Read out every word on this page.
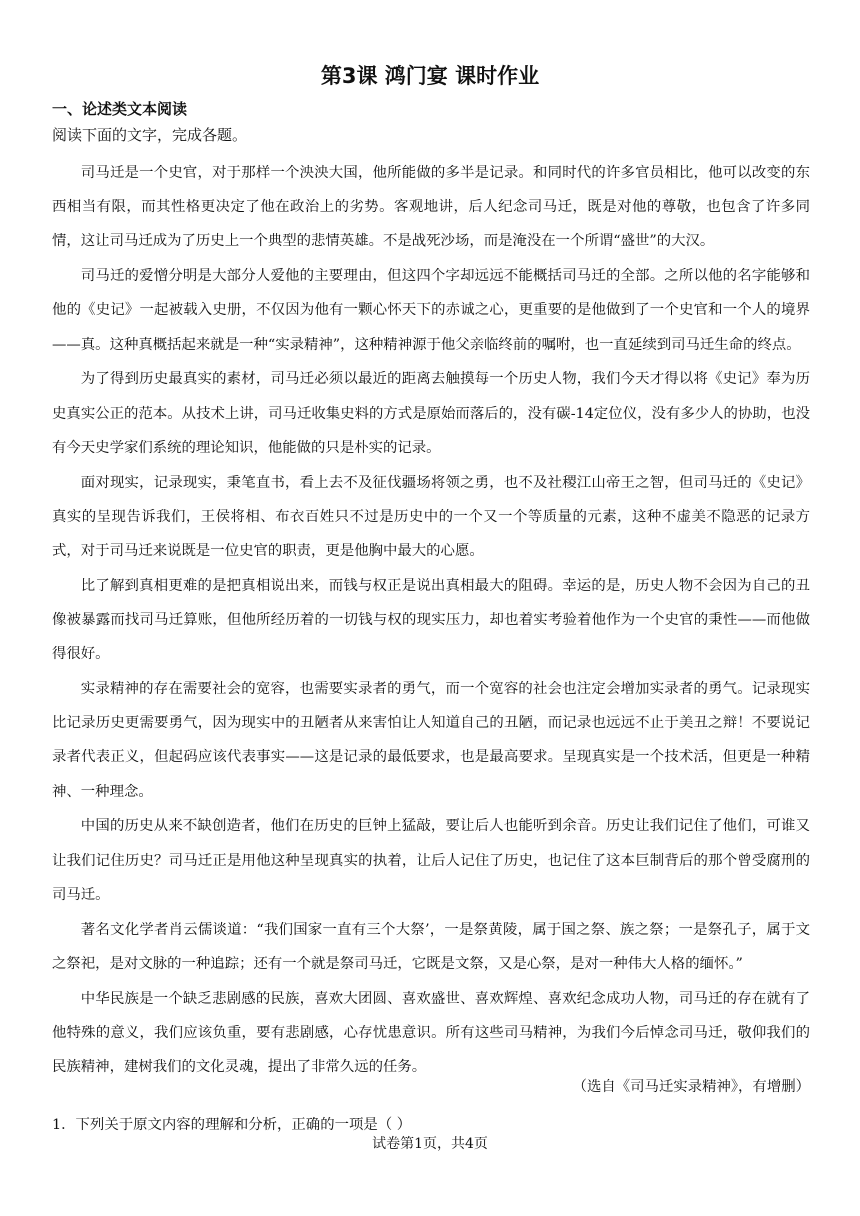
第3课 鸿门宴 课时作业
一、论述类文本阅读
阅读下面的文字，完成各题。

司马迁是一个史官，对于那样一个泱泱大国，他所能做的多半是记录。和同时代的许多官员相比，他可以改变的东西相当有限，而其性格更决定了他在政治上的劣势。客观地讲，后人纪念司马迁，既是对他的尊敬，也包含了许多同情，这让司马迁成为了历史上一个典型的悲情英雄。不是战死沙场，而是淹没在一个所谓“盛世”的大汉。

司马迁的爱憎分明是大部分人爱他的主要理由，但这四个字却远远不能概括司马迁的全部。之所以他的名字能够和他的《史记》一起被载入史册，不仅因为他有一颗心怀天下的赤诚之心，更重要的是他做到了一个史官和一个人的境界——真。这种真概括起来就是一种“实录精神”，这种精神源于他父亲临终前的嘱咐，也一直延续到司马迁生命的终点。

为了得到历史最真实的素材，司马迁必须以最近的距离去触摸每一个历史人物，我们今天才得以将《史记》奉为历史真实公正的范本。从技术上讲，司马迁收集史料的方式是原始而落后的，没有碳-14定位仪，没有多少人的协助，也没有今天史学家们系统的理论知识，他能做的只是朴实的记录。

面对现实，记录现实，秉笔直书，看上去不及征伐疆场将领之勇，也不及社稷江山帝王之智，但司马迁的《史记》真实的呈现告诉我们，王侯将相、布衣百姓只不过是历史中的一个又一个等质量的元素，这种不虚美不隐恶的记录方式，对于司马迁来说既是一位史官的职责，更是他胸中最大的心愿。

比了解到真相更难的是把真相说出来，而钱与权正是说出真相最大的阻碍。幸运的是，历史人物不会因为自己的丑像被暴露而找司马迁算账，但他所经历着的一切钱与权的现实压力，却也着实考验着他作为一个史官的秉性——而他做得很好。

实录精神的存在需要社会的宽容，也需要实录者的勇气，而一个宽容的社会也注定会增加实录者的勇气。记录现实比记录历史更需要勇气，因为现实中的丑陋者从来害怕让人知道自己的丑陋，而记录也远远不止于美丑之辩！不要说记录者代表正义，但起码应该代表事实——这是记录的最低要求，也是最高要求。呈现真实是一个技术活，但更是一种精神、一种理念。

中国的历史从来不缺创造者，他们在历史的巨钟上猛敲，要让后人也能听到余音。历史让我们记住了他们，可谁又让我们记住历史？司马迁正是用他这种呈现真实的执着，让后人记住了历史，也记住了这本巨制背后的那个曾受腐刑的司马迁。

著名文化学者肖云儒谈道：“我们国家一直有三个大祭’，一是祭黄陵，属于国之祭、族之祭；一是祭孔子，属于文之祭祀，是对文脉的一种追踪；还有一个就是祭司马迁，它既是文祭，又是心祭，是对一种伟大人格的缅怀。”

中华民族是一个缺乏悲剧感的民族，喜欢大团圆、喜欢盛世、喜欢辉煌、喜欢纪念成功人物，司马迁的存在就有了他特殊的意义，我们应该负重，要有悲剧感，心存忧患意识。所有这些司马精神，为我们今后悼念司马迁，敬仰我们的民族精神，建树我们的文化灵魂，提出了非常久远的任务。

（选自《司马迁实录精神》，有增删）
1．下列关于原文内容的理解和分析，正确的一项是（ ）
试卷第1页，共4页
